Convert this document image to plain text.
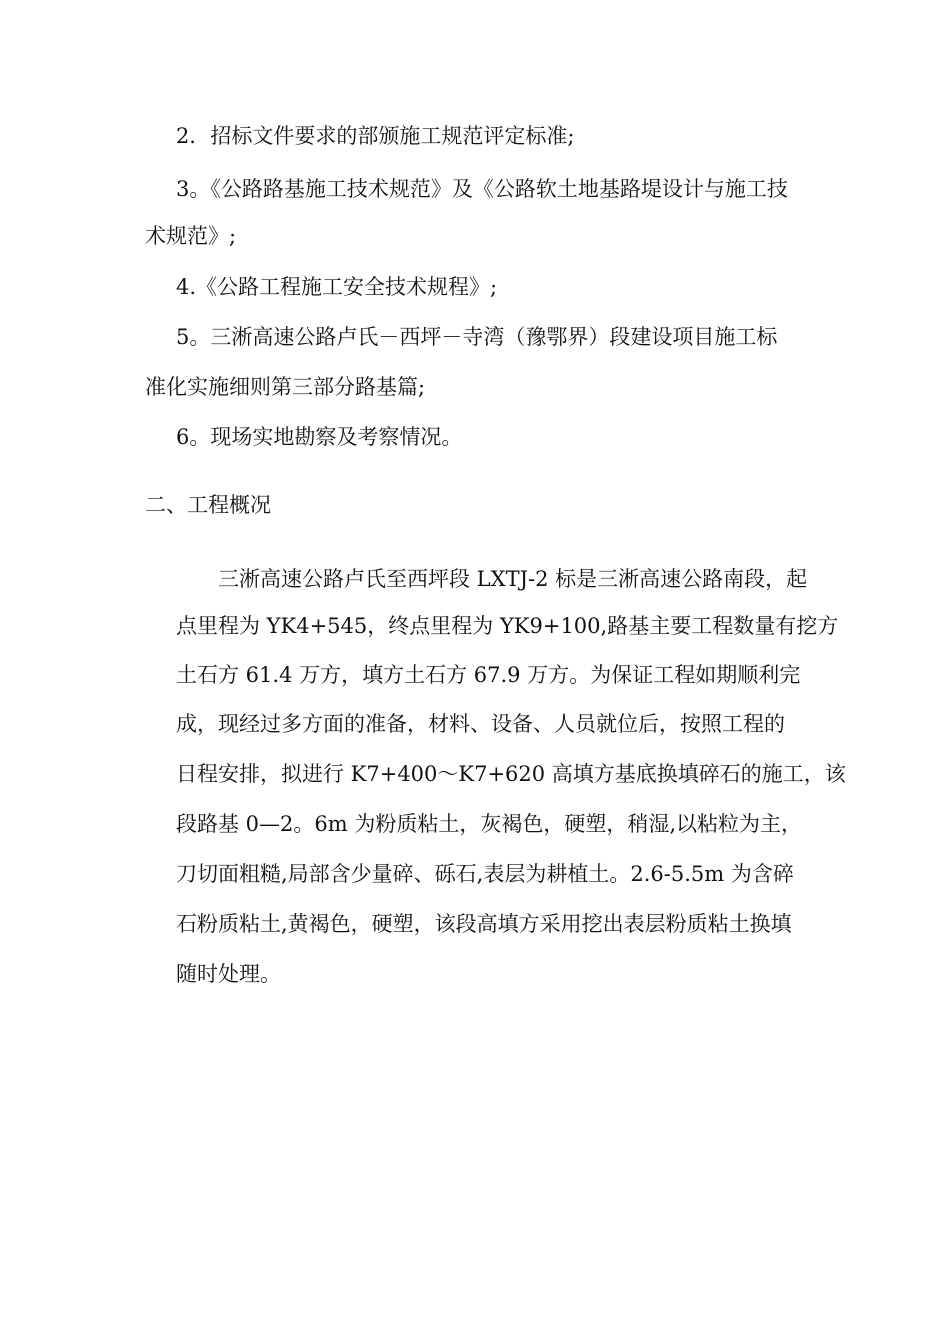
2．招标文件要求的部颁施工规范评定标准;
3。《公路路基施工技术规范》及《公路软土地基路堤设计与施工技
术规范》;
4.《公路工程施工安全技术规程》;
5。三淅高速公路卢氏－西坪－寺湾（豫鄂界）段建设项目施工标
准化实施细则第三部分路基篇;
6。现场实地勘察及考察情况。
二、工程概况
三淅高速公路卢氏至西坪段 LXTJ-2 标是三淅高速公路南段，起
点里程为 YK4+545，终点里程为 YK9+100,路基主要工程数量有挖方
土石方 61.4 万方，填方土石方 67.9 万方。为保证工程如期顺利完
成，现经过多方面的准备，材料、设备、人员就位后，按照工程的
日程安排，拟进行 K7+400～K7+620 高填方基底换填碎石的施工，该
段路基 0—2。6m 为粉质粘土，灰褐色，硬塑，稍湿,以粘粒为主，
刀切面粗糙,局部含少量碎、砾石,表层为耕植土。2.6-5.5m 为含碎
石粉质粘土,黄褐色，硬塑，该段高填方采用挖出表层粉质粘土换填
随时处理。
